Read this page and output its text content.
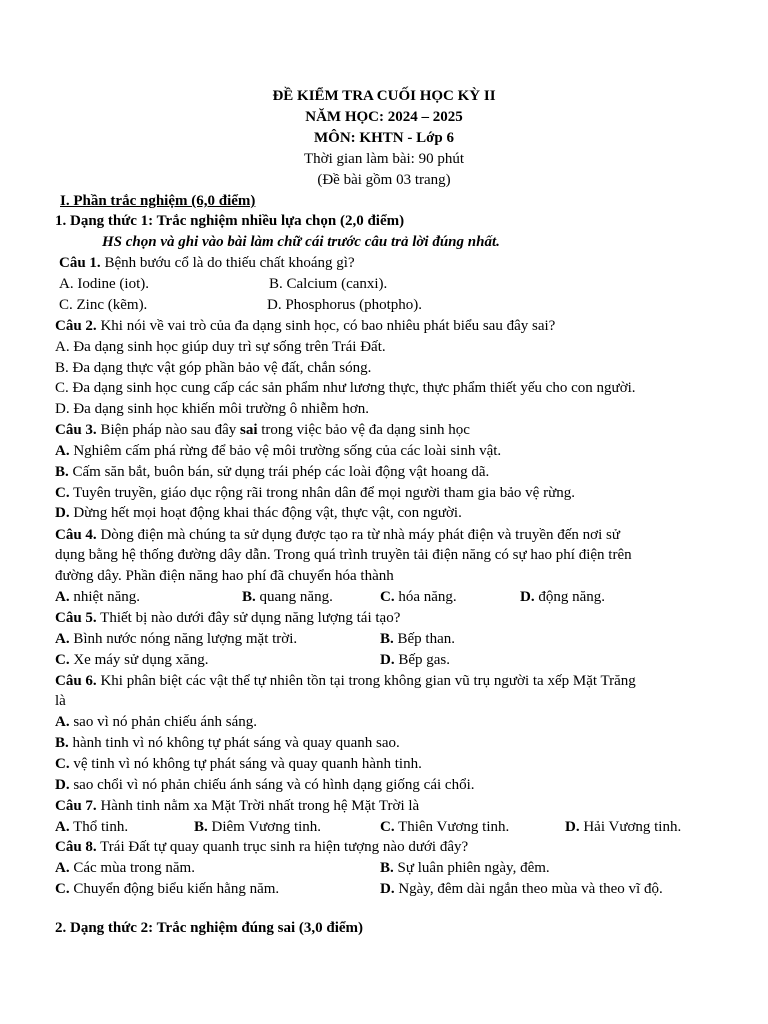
ĐỀ KIỂM TRA CUỐI HỌC KỲ II
NĂM HỌC: 2024 – 2025
MÔN: KHTN - Lớp 6
Thời gian làm bài: 90 phút
(Đề bài gồm 03 trang)
I. Phần trắc nghiệm (6,0 điểm)
1. Dạng thức 1: Trắc nghiệm nhiều lựa chọn (2,0 điểm)
HS chọn và ghi vào bài làm chữ cái trước câu trả lời đúng nhất.
Câu 1. Bệnh bướu cổ là do thiếu chất khoáng gì?
A. Iodine (iot).	B. Calcium (canxi).
C. Zinc (kẽm).	D. Phosphorus (photpho).
Câu 2. Khi nói về vai trò của đa dạng sinh học, có bao nhiêu phát biểu sau đây sai?
A. Đa dạng sinh học giúp duy trì sự sống trên Trái Đất.
B. Đa dạng thực vật góp phần bảo vệ đất, chắn sóng.
C. Đa dạng sinh học cung cấp các sản phẩm như lương thực, thực phẩm thiết yếu cho con người.
D. Đa dạng sinh học khiến môi trường ô nhiễm hơn.
Câu 3. Biện pháp nào sau đây sai trong việc bảo vệ đa dạng sinh học
A. Nghiêm cấm phá rừng để bảo vệ môi trường sống của các loài sinh vật.
B. Cấm săn bắt, buôn bán, sử dụng trái phép các loài động vật hoang dã.
C. Tuyên truyền, giáo dục rộng rãi trong nhân dân để mọi người tham gia bảo vệ rừng.
D. Dừng hết mọi hoạt động khai thác động vật, thực vật, con người.
Câu 4. Dòng điện mà chúng ta sử dụng được tạo ra từ nhà máy phát điện và truyền đến nơi sử
dụng bằng hệ thống đường dây dẫn. Trong quá trình truyền tải điện năng có sự hao phí điện trên
đường dây. Phần điện năng hao phí đã chuyển hóa thành
A. nhiệt năng.	B. quang năng.	C. hóa năng.	D. động năng.
Câu 5. Thiết bị nào dưới đây sử dụng năng lượng tái tạo?
A. Bình nước nóng năng lượng mặt trời.	B. Bếp than.
C. Xe máy sử dụng xăng.	D. Bếp gas.
Câu 6. Khi phân biệt các vật thể tự nhiên tồn tại trong không gian vũ trụ người ta xếp Mặt Trăng
là
A. sao vì nó phản chiếu ánh sáng.
B. hành tinh vì nó không tự phát sáng và quay quanh sao.
C. vệ tinh vì nó không tự phát sáng và quay quanh hành tinh.
D. sao chổi vì nó phản chiếu ánh sáng và có hình dạng giống cái chổi.
Câu 7. Hành tinh nằm xa Mặt Trời nhất trong hệ Mặt Trời là
A. Thổ tinh.	B. Diêm Vương tinh.	C. Thiên Vương tinh.	D. Hải Vương tinh.
Câu 8. Trái Đất tự quay quanh trục sinh ra hiện tượng nào dưới đây?
A. Các mùa trong năm.	B. Sự luân phiên ngày, đêm.
C. Chuyển động biểu kiến hằng năm.	D. Ngày, đêm dài ngắn theo mùa và theo vĩ độ.
2. Dạng thức 2: Trắc nghiệm đúng sai (3,0 điểm)
